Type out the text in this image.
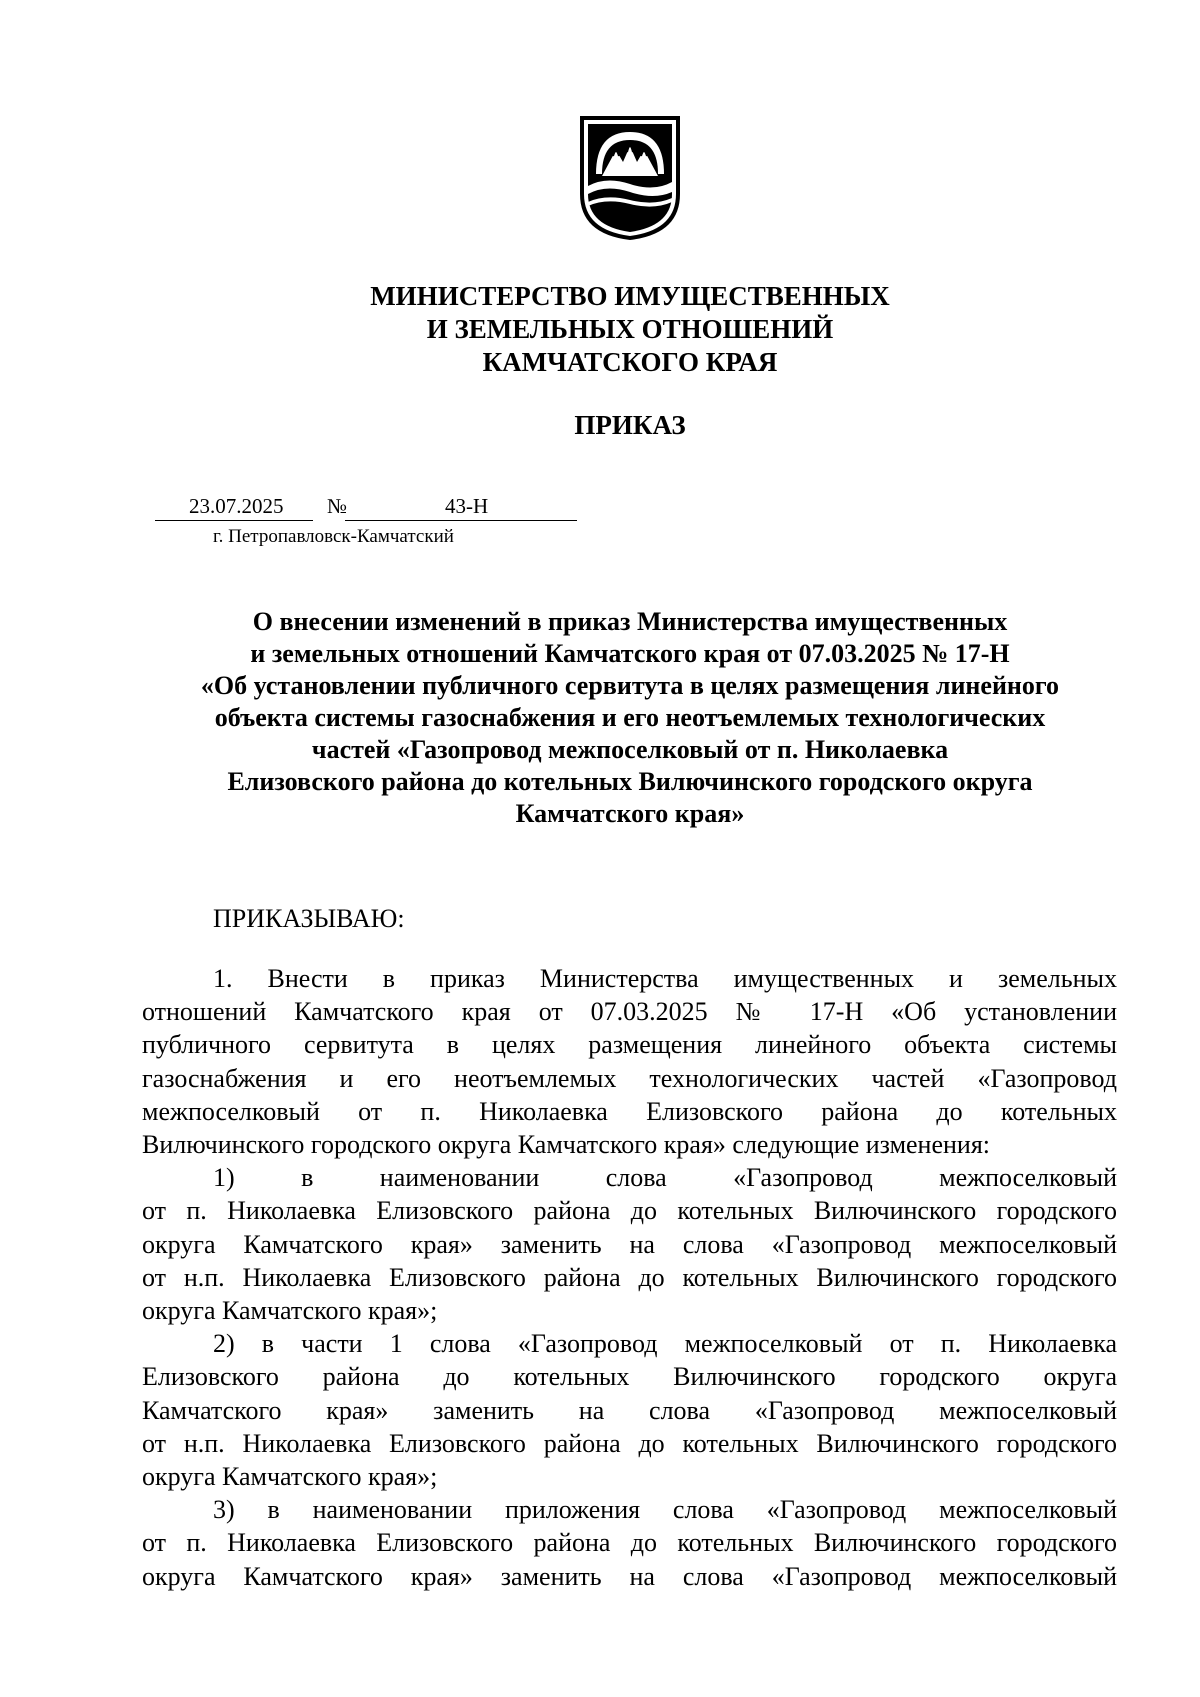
МИНИСТЕРСТВО ИМУЩЕСТВЕННЫХ
И ЗЕМЕЛЬНЫХ ОТНОШЕНИЙ
КАМЧАТСКОГО КРАЯ
ПРИКАЗ
23.07.2025 №	43-Н
г. Петропавловск-Камчатский
О внесении изменений в приказ Министерства имущественных
и земельных отношений Камчатского края от 07.03.2025 № 17-Н
«Об установлении публичного сервитута в целях размещения линейного
объекта системы газоснабжения и его неотъемлемых технологических
частей «Газопровод межпоселковый от п. Николаевка
Елизовского района до котельных Вилючинского городского округа
Камчатского края»
ПРИКАЗЫВАЮ:
1. Внести в приказ Министерства имущественных и земельных
отношений Камчатского края от 07.03.2025 № 17-Н «Об установлении
публичного сервитута в целях размещения линейного объекта системы
газоснабжения и его неотъемлемых технологических частей «Газопровод
межпоселковый от п. Николаевка Елизовского района до котельных
Вилючинского городского округа Камчатского края» следующие изменения:
1) в наименовании слова «Газопровод межпоселковый
от п. Николаевка Елизовского района до котельных Вилючинского городского
округа Камчатского края» заменить на слова «Газопровод межпоселковый
от н.п. Николаевка Елизовского района до котельных Вилючинского городского
округа Камчатского края»;
2) в части 1 слова «Газопровод межпоселковый от п. Николаевка
Елизовского района до котельных Вилючинского городского округа
Камчатского края» заменить на слова «Газопровод межпоселковый
от н.п. Николаевка Елизовского района до котельных Вилючинского городского
округа Камчатского края»;
3) в наименовании приложения слова «Газопровод межпоселковый
от п. Николаевка Елизовского района до котельных Вилючинского городского
округа Камчатского края» заменить на слова «Газопровод межпоселковый
